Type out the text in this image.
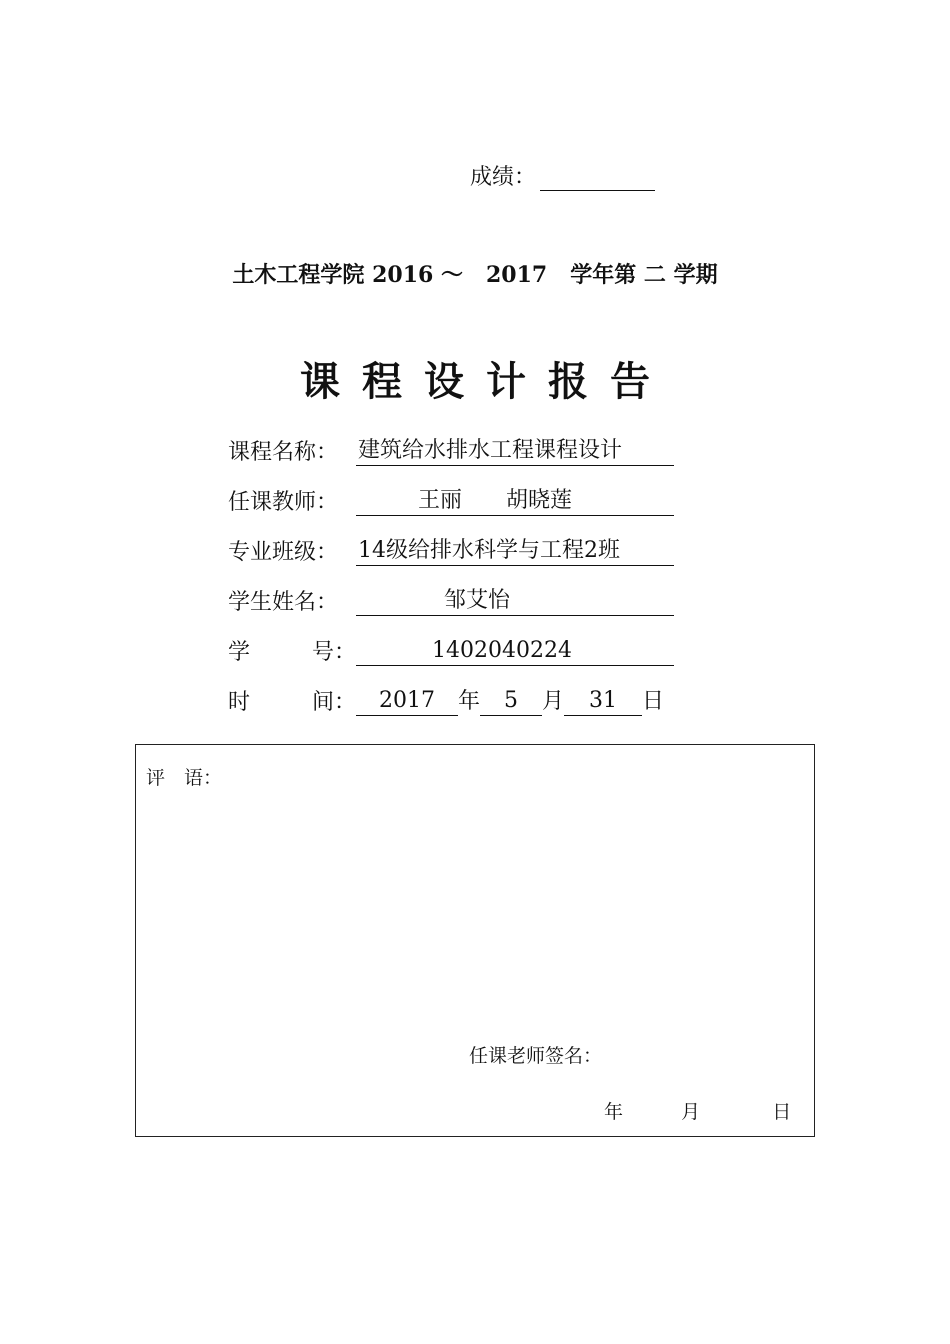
成绩：
土木工程学院 2016 ～ 2017 学年第 二 学期
课程设计报告
课程名称： 建筑给水排水工程课程设计
任课教师：	王丽　　胡晓莲
专业班级： 14级给排水科学与工程2班
学生姓名：	邹艾怡
学	号：	1402040224
时	间：	2017	年	5	月	31	日
评　语：
任课老师签名：
年	月	日
